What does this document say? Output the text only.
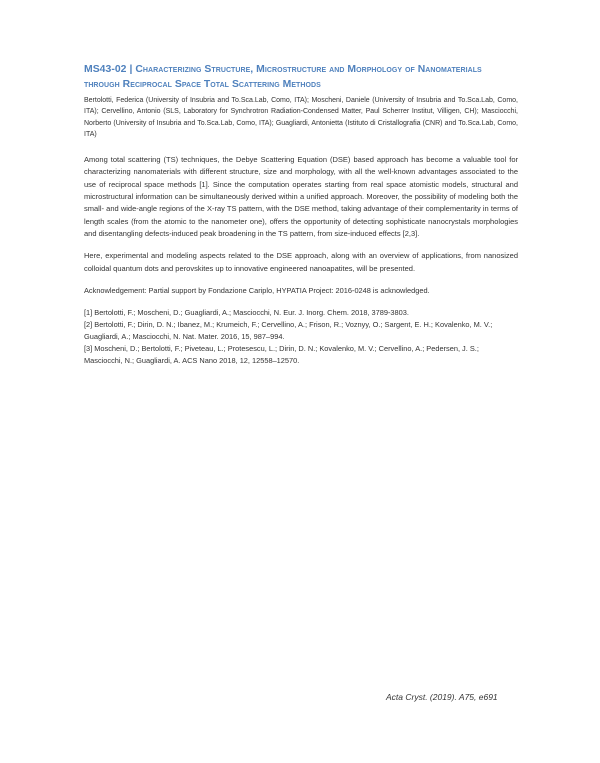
MS43-02 | Characterizing Structure, Microstructure and Morphology of Nanomaterials through Reciprocal Space Total Scattering Methods

Bertolotti, Federica (University of Insubria and To.Sca.Lab, Como, ITA); Moscheni, Daniele (University of Insubria and To.Sca.Lab, Como, ITA); Cervellino, Antonio (SLS, Laboratory for Synchrotron Radiation-Condensed Matter, Paul Scherrer Institut, Villigen, CH); Masciocchi, Norberto (University of Insubria and To.Sca.Lab, Como, ITA); Guagliardi, Antonietta (Istituto di Cristallografia (CNR) and To.Sca.Lab, Como, ITA)

Among total scattering (TS) techniques, the Debye Scattering Equation (DSE) based approach has become a valuable tool for characterizing nanomaterials with different structure, size and morphology, with all the well-known advantages associated to the use of reciprocal space methods [1]. Since the computation operates starting from real space atomistic models, structural and microstructural information can be simultaneously derived within a unified approach. Moreover, the possibility of modeling both the small- and wide-angle regions of the X-ray TS pattern, with the DSE method, taking advantage of their complementarity in terms of length scales (from the atomic to the nanometer one), offers the opportunity of detecting sophisticate nanocrystals morphologies and disentangling defects-induced peak broadening in the TS pattern, from size-induced effects [2,3].

Here, experimental and modeling aspects related to the DSE approach, along with an overview of applications, from nanosized colloidal quantum dots and perovskites up to innovative engineered nanoapatites, will be presented.

Acknowledgement: Partial support by Fondazione Cariplo, HYPATIA Project: 2016-0248 is acknowledged.

[1] Bertolotti, F.; Moscheni, D.; Guagliardi, A.; Masciocchi, N. Eur. J. Inorg. Chem. 2018, 3789-3803.
[2] Bertolotti, F.; Dirin, D. N.; Ibanez, M.; Krumeich, F.; Cervellino, A.; Frison, R.; Voznyy, O.; Sargent, E. H.; Kovalenko, M. V.; Guagliardi, A.; Masciocchi, N. Nat. Mater. 2016, 15, 987–994.
[3] Moscheni, D.; Bertolotti, F.; Piveteau, L.; Protesescu, L.; Dirin, D. N.; Kovalenko, M. V.; Cervellino, A.; Pedersen, J. S.; Masciocchi, N.; Guagliardi, A. ACS Nano 2018, 12, 12558–12570.
Acta Cryst. (2019). A75, e691
